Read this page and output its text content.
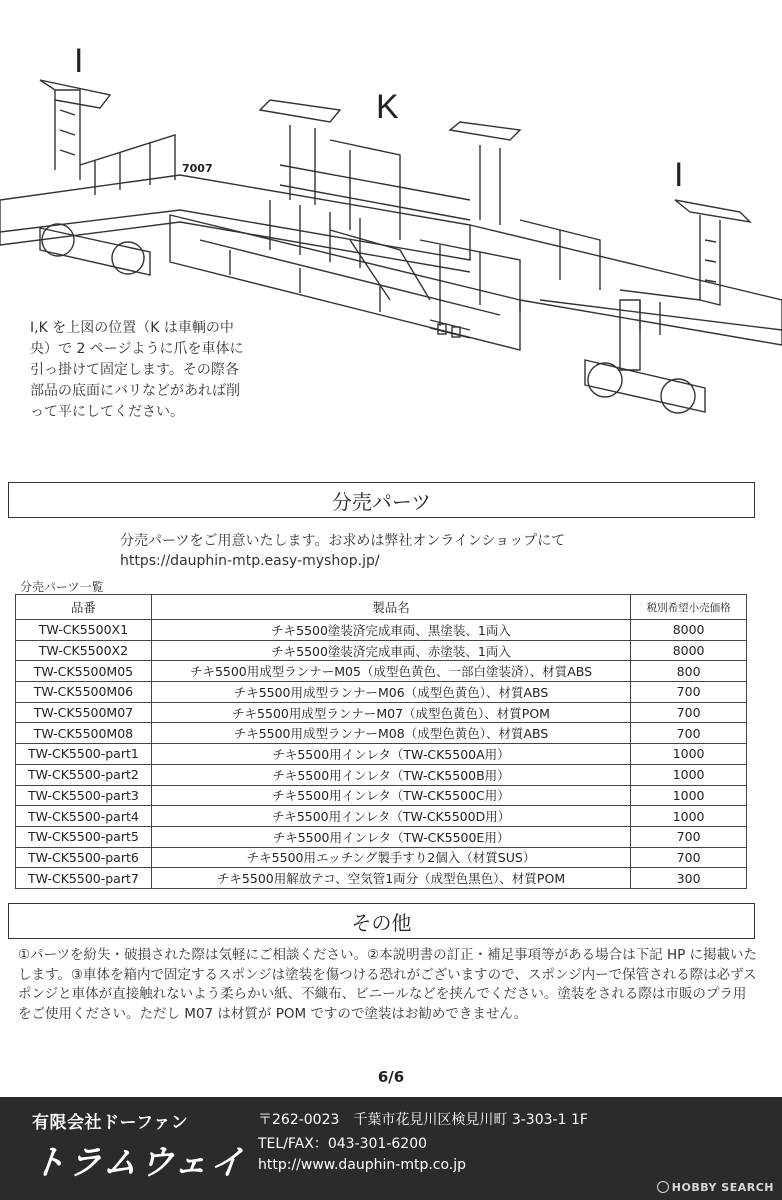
I
K
I
7007
I,K を上図の位置（K は車輌の中央）で 2 ページように爪を車体に引っ掛けて固定します。その際各部品の底面にバリなどがあれば削って平にしてください。
分売パーツ
分売パーツをご用意いたします。お求めは弊社オンラインショップにて
https://dauphin-mtp.easy-myshop.jp/
分売パーツ一覧
品番	製品名	税別希望小売価格
TW-CK5500X1	チキ5500塗装済完成車両、黒塗装、1両入	8000
TW-CK5500X2	チキ5500塗装済完成車両、赤塗装、1両入	8000
TW-CK5500M05	チキ5500用成型ランナーM05（成型色黄色、一部白塗装済）、材質ABS	800
TW-CK5500M06	チキ5500用成型ランナーM06（成型色黄色）、材質ABS	700
TW-CK5500M07	チキ5500用成型ランナーM07（成型色黄色）、材質POM	700
TW-CK5500M08	チキ5500用成型ランナーM08（成型色黄色）、材質ABS	700
TW-CK5500-part1	チキ5500用インレタ（TW-CK5500A用）	1000
TW-CK5500-part2	チキ5500用インレタ（TW-CK5500B用）	1000
TW-CK5500-part3	チキ5500用インレタ（TW-CK5500C用）	1000
TW-CK5500-part4	チキ5500用インレタ（TW-CK5500D用）	1000
TW-CK5500-part5	チキ5500用インレタ（TW-CK5500E用）	700
TW-CK5500-part6	チキ5500用エッチング製手すり2個入（材質SUS）	700
TW-CK5500-part7	チキ5500用解放テコ、空気管1両分（成型色黒色）、材質POM	300
その他
①パーツを紛失・破損された際は気軽にご相談ください。②本説明書の訂正・補足事項等がある場合は下記 HP に掲載いたします。③車体を箱内で固定するスポンジは塗装を傷つける恐れがございますので、スポンジ内ーで保管される際は必ずスポンジと車体が直接触れないよう柔らかい紙、不織布、ビニールなどを挟んでください。塗装をされる際は市販のプラ用をご使用ください。ただし M07 は材質が POM ですので塗装はお勧めできません。
6/6
有限会社ドーファン
トラムウェイ
〒262-0023　千葉市花見川区検見川町 3-303-1 1F
TEL/FAX：043-301-6200
http://www.dauphin-mtp.co.jp
HOBBY SEARCH
